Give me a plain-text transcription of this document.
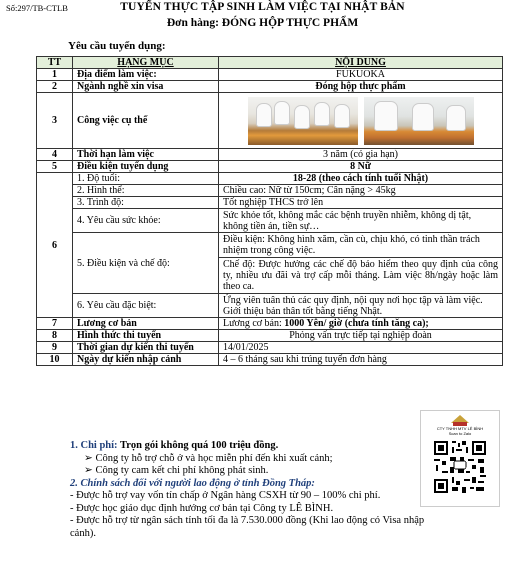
Số:297/TB-CTLB	TUYỂN THỰC TẬP SINH LÀM VIỆC TẠI NHẬT BẢN
Đơn hàng: ĐÓNG HỘP THỰC PHẨM
Yêu cầu tuyển dụng:
TT	HẠNG MỤC	NỘI DUNG
1	Địa điểm làm việc:	FUKUOKA
2	Ngành nghề xin visa	Đóng hộp thực phẩm
3	Công việc cụ thể	

4	Thời hạn làm việc	3 năm (có gia hạn)
5	Điều kiện tuyển dụng	8 Nữ
6	1. Độ tuổi:	18-28 (theo cách tính tuổi Nhật)
	2. Hình thể:	Chiều cao: Nữ từ 150cm; Cân nặng > 45kg
	3. Trình độ:	Tốt nghiệp THCS trở lên
	4. Yêu cầu sức khỏe:	Sức khỏe tốt, không mắc các bệnh truyền nhiễm, không dị tật, không tiền án, tiền sự…
	5. Điều kiện và chế độ:	Điều kiện: Không hình xăm, cần cù, chịu khó, có tinh thần trách nhiệm trong công việc.
Chế độ: Được hưởng các chế độ bảo hiểm theo quy định của công ty, nhiều ưu đãi và trợ cấp mỗi tháng. Làm việc 8h/ngày hoặc làm theo ca.

	6. Yêu cầu đặc biệt:	Ứng viên tuân thủ các quy định, nội quy nơi học tập và làm việc. Giới thiệu bản thân tốt bằng tiếng Nhật.
7	Lương cơ bản	Lương cơ bản: 1000 Yên/ giờ (chưa tính tăng ca);
8	Hình thức thi tuyển	Phỏng vấn trực tiếp tại nghiệp đoàn
9	Thời gian dự kiến thi tuyển	14/01/2025
10	Ngày dự kiến nhập cảnh	4 – 6 tháng sau khi trúng tuyển đơn hàng
1. Chi phí: Trọn gói không quá 100 triệu đồng.
➢ Công ty hỗ trợ chỗ ở và học miễn phí đến khi xuất cảnh;
➢ Công ty cam kết chi phí không phát sinh.
2. Chính sách đối với người lao động ở tỉnh Đồng Tháp:
- Được hỗ trợ vay vốn tín chấp ở Ngân hàng CSXH từ 90 – 100% chi phí.
- Được học giáo dục định hướng cơ bản tại Công ty LÊ BÌNH.
- Được hỗ trợ từ ngân sách tỉnh tối đa là 7.530.000 đồng (Khi lao động có Visa nhập cảnh).
CTY TNHH MTV LÊ BÌNH
Scan to Zalo
